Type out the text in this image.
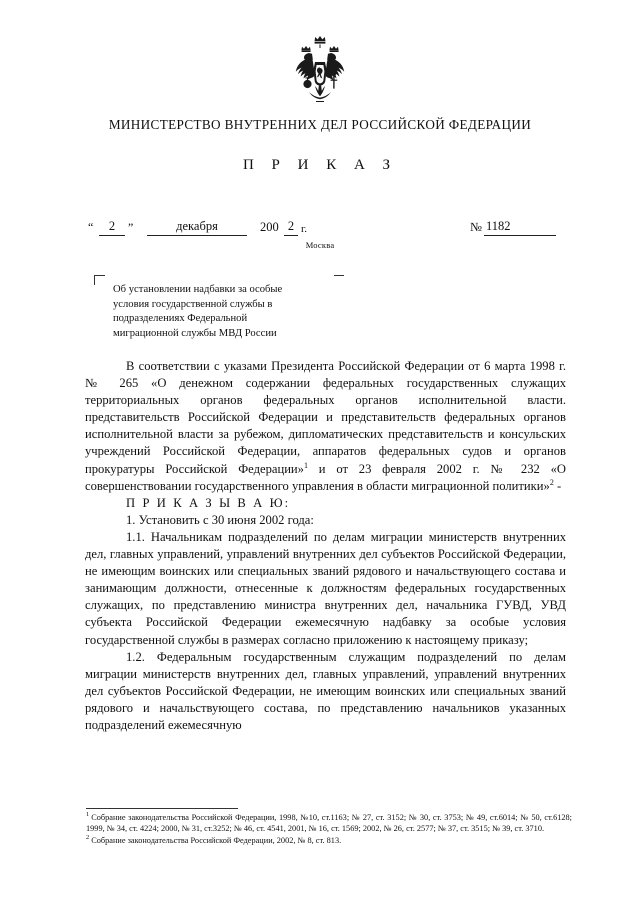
МИНИСТЕРСТВО ВНУТРЕННИХ ДЕЛ РОССИЙСКОЙ ФЕДЕРАЦИИ
П Р И К А З
“	2	”	декабря	200 2 г.	№ 1182
Москва
Об установлении надбавки за особые
условия государственной службы в
подразделениях Федеральной
миграционной службы МВД России

В соответствии с указами Президента Российской Федерации от 6 марта 1998 г. № 265 «О денежном содержании федеральных государственных служащих территориальных органов федеральных органов исполнительной власти. представительств Российской Федерации и представительств федеральных органов исполнительной власти за рубежом, дипломатических представительств и консульских учреждений Российской Федерации, аппаратов федеральных судов и органов прокуратуры Российской Федерации»$^1$ и от 23 февраля 2002 г. № 232 «О совершенствовании государственного управления в области миграционной политики»$^2$ -

П Р И К А З Ы В А Ю:

1. Установить с 30 июня 2002 года:

1.1. Начальникам подразделений по делам миграции министерств внутренних дел, главных управлений, управлений внутренних дел субъектов Российской Федерации, не имеющим воинских или специальных званий рядового и начальствующего состава и занимающим должности, отнесенные к должностям федеральных государственных служащих, по представлению министра внутренних дел, начальника ГУВД, УВД субъекта Российской Федерации ежемесячную надбавку за особые условия государственной службы в размерах согласно приложению к настоящему приказу;

1.2. Федеральным государственным служащим подразделений по делам миграции министерств внутренних дел, главных управлений, управлений внутренних дел субъектов Российской Федерации, не имеющим воинских или специальных званий рядового и начальствующего состава, по представлению начальников указанных подразделений ежемесячную

$^1$ Собрание законодательства Российской Федерации, 1998, №10, ст.1163; № 27, ст. 3152; № 30, ст. 3753; № 49, ст.6014; № 50, ст.6128; 1999, № 34, ст. 4224; 2000, № 31, ст.3252; № 46, ст. 4541, 2001, № 16, ст. 1569; 2002, № 26, ст. 2577; № 37, ст. 3515; № 39, ст. 3710.

$^2$ Собрание законодательства Российской Федерации, 2002, № 8, ст. 813.
